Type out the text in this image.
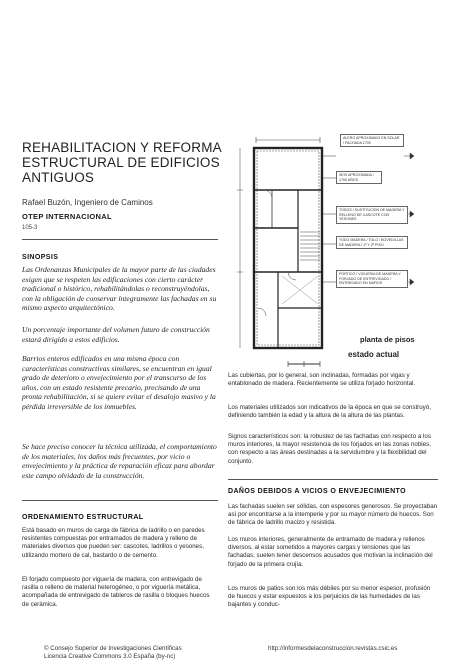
REHABILITACION Y REFORMA
ESTRUCTURAL DE EDIFICIOS
ANTIGUOS
Rafael Buzón, Ingeniero de Caminos
OTEP INTERNACIONAL
105-3
SINOPSIS
Las Ordenanzas Municipales de la mayor parte de las ciudades exigen que se respeten las edificaciones con cierto carácter tradicional o histórico, rehabilitándolas o reconstruyéndolas, con la obligación de conservar íntegramente las fachadas en su mismo aspecto arquitectónico.
Un porcentaje importante del volumen futuro de construcción estará dirigido a estos edificios.
Barrios enteros edificados en una misma época con características constructivas similares, se encuentran en igual grado de deterioro o envejecimiento por el transcurso de los años, con un estado resistente precario, precisando de una pronta rehabilitación, si se quiere evitar el desalojo masivo y la pérdida irreversible de los inmuebles.
Se hace preciso conocer la técnica utilizada, el comportamiento de los materiales, los daños más frecuentes, por vicio o envejecimiento y la práctica de reparación eficaz para abordar este campo olvidado de la construcción.
ORDENAMIENTO ESTRUCTURAL
Está basado en muros de carga de fábrica de ladrillo o en paredes resistentes compuestas por entramados de madera y relleno de materiales diversos que pueden ser: cascotes, ladrillos o yesones, utilizando mortero de cal, bastardo o de cemento.
El forjado compuesto por viguería de madera, con entrevigado de rasilla o relleno de material heterogéneo, o por viguería metálica, acompañada de entrevigado de tableros de rasilla o bloques huecos de cerámica.
ALERO APROXIMADO EN SOLAR / FACHADA 1700
SEIS APROXIMADA / 1700 AÑOS
TODOS / SUSTITUCION DE MADERA Y RELLENO DE CASCOTE CON YESONES
TODO MADERA / TOLO / BOVEDILLAS DE MADERA / 1º Y 2º PISO
PORTICO / VIGUERIA DE MADERA Y FORJADO DE ENTREVIGADO / ENTREGADO EN MUROS
planta de pisos
estado actual
Las cubiertas, por lo general, son inclinadas, formadas por vigas y entablonado de madera. Recientemente se utiliza forjado horizontal.
Los materiales utilizados son indicativos de la época en que se construyó, definiendo también la edad y la altura de la altura de las plantas.
Signos característicos son: la robustez de las fachadas con respecto a los muros interiores, la mayor resistencia de los forjados en las zonas nobles, con respecto a las áreas destinadas a la servidumbre y la flexibilidad del conjunto.
DAÑOS DEBIDOS A VICIOS O ENVEJECIMIENTO
Las fachadas suelen ser sólidas, con espesores generosos. Se proyectaban así por encontrarse a la intemperie y por su mayor número de huecos. Son de fábrica de ladrillo macizo y resistida.
Los muros interiores, generalmente de entramado de madera y rellenos diversos, al estar sometidos a mayores cargas y tensiones que las fachadas, suelen tener descensos acusados que motivan la inclinación del forjado de la primera crujía.
Los muros de patios son los más débiles por su menor espesor, profusión de huecos y estar expuestos a los perjuicios de las humedades de las bajantes y conduc-
© Consejo Superior de Investigaciones Científicas
Licencia Creative Commons 3.0 España (by-nc)
http://informesdelaconstruccion.revistas.csic.es
